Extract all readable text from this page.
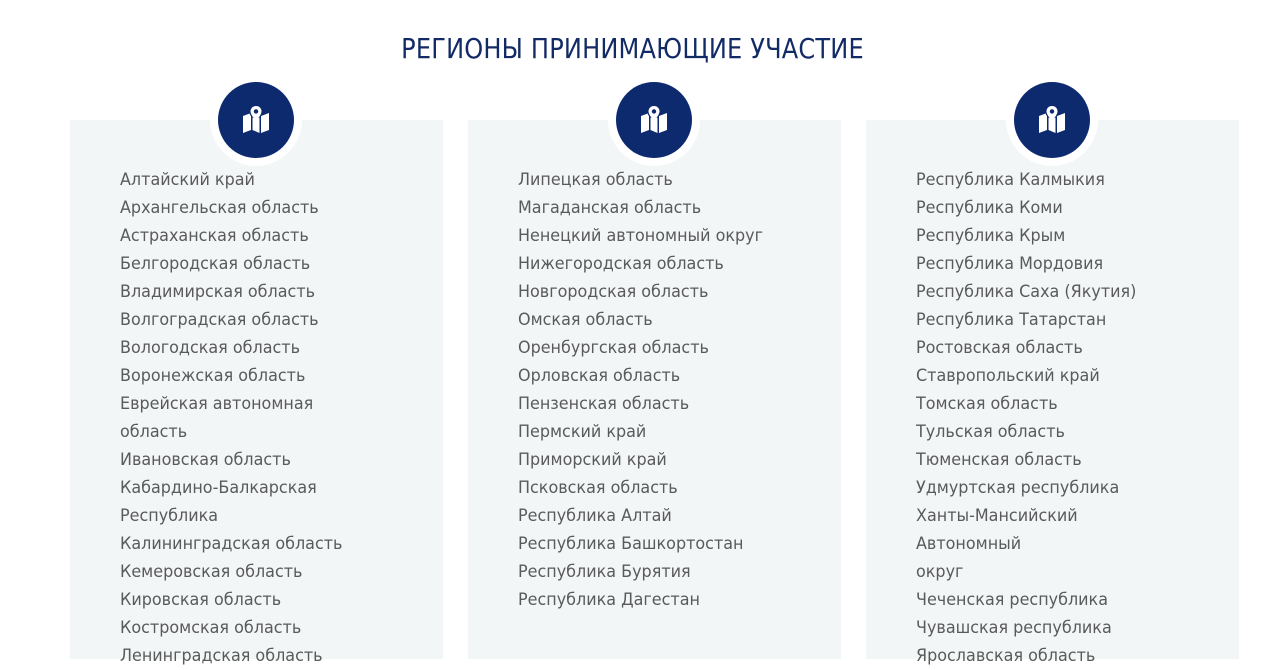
РЕГИОНЫ ПРИНИМАЮЩИЕ УЧАСТИЕ
Алтайский край
Архангельская область
Астраханская область
Белгородская область
Владимирская область
Волгоградская область
Вологодская область
Воронежская область
Еврейская автономная область
Ивановская область
Кабардино-Балкарская
Республика
Калининградская область
Кемеровская область
Кировская область
Костромская область
Ленинградская область
Липецкая область
Магаданская область
Ненецкий автономный округ
Нижегородская область
Новгородская область
Омская область
Оренбургская область
Орловская область
Пензенская область
Пермский край
Приморский край
Псковская область
Республика Алтай
Республика Башкортостан
Республика Бурятия
Республика Дагестан
Республика Калмыкия
Республика Коми
Республика Крым
Республика Мордовия
Республика Саха (Якутия)
Республика Татарстан
Ростовская область
Ставропольский край
Томская область
Тульская область
Тюменская область
Удмуртская республика
Ханты-Мансийский Автономный
округ
Чеченская республика
Чувашская республика
Ярославская область
